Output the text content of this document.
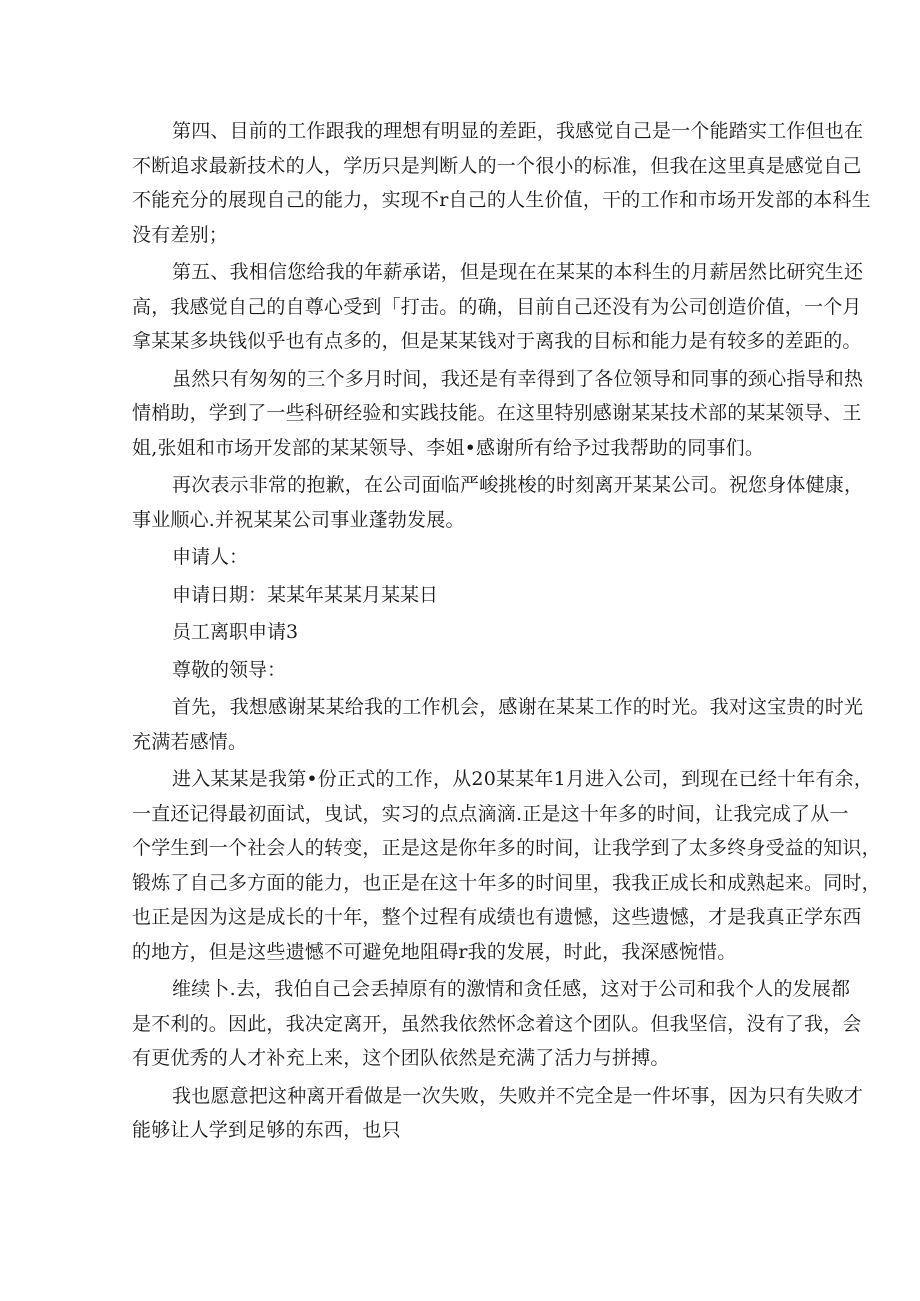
第四、目前的工作跟我的理想有明显的差距，我感觉自己是一个能踏实工作但也在
不断追求最新技术的人，学历只是判断人的一个很小的标准，但我在这里真是感觉自己
不能充分的展现自己的能力，实现不r自己的人生价值，干的工作和市场开发部的本科生
没有差别；

第五、我相信您给我的年薪承诺，但是现在在某某的本科生的月薪居然比研究生还
高，我感觉自己的自尊心受到「打击。的确，目前自己还没有为公司创造价值，一个月
拿某某多块钱似乎也有点多的，但是某某钱对于离我的目标和能力是有较多的差距的。

虽然只有匆匆的三个多月时间，我还是有幸得到了各位领导和同事的颈心指导和热
情梢助，学到了一些科研经验和实践技能。在这里特别感谢某某技术部的某某领导、王
姐,张姐和市场开发部的某某领导、李姐•感谢所有给予过我帮助的同事们。

再次表示非常的抱歉，在公司面临严峻挑梭的时刻离开某某公司。祝您身体健康，
事业顺心.并祝某某公司事业蓬勃发展。

申请人：

申请日期：某某年某某月某某日

员工离职申请3

尊敬的领导：

首先，我想感谢某某给我的工作机会，感谢在某某工作的时光。我对这宝贵的时光
充满若感情。

进入某某是我第•份正式的工作，从20某某年1月进入公司，到现在已经十年有余，
一直还记得最初面试，曳试，实习的点点滴滴.正是这十年多的时间，让我完成了从一
个学生到一个社会人的转变，正是这是你年多的时间，让我学到了太多终身受益的知识，
锻炼了自己多方面的能力，也正是在这十年多的时间里，我我正成长和成熟起来。同时，
也正是因为这是成长的十年，整个过程有成绩也有遗憾，这些遗憾，才是我真正学东西
的地方，但是这些遗憾不可避免地阻碍r我的发展，时此，我深感惋惜。

维续卜.去，我伯自己会丢掉原有的激情和贪任感，这对于公司和我个人的发展都
是不利的。因此，我决定离开，虽然我依然怀念着这个团队。但我坚信，没有了我，会
有更优秀的人才补充上来，这个团队依然是充满了活力与拼搏。

我也愿意把这种离开看做是一次失败，失败并不完全是一件坏事，因为只有失败才
能够让人学到足够的东西，也只
